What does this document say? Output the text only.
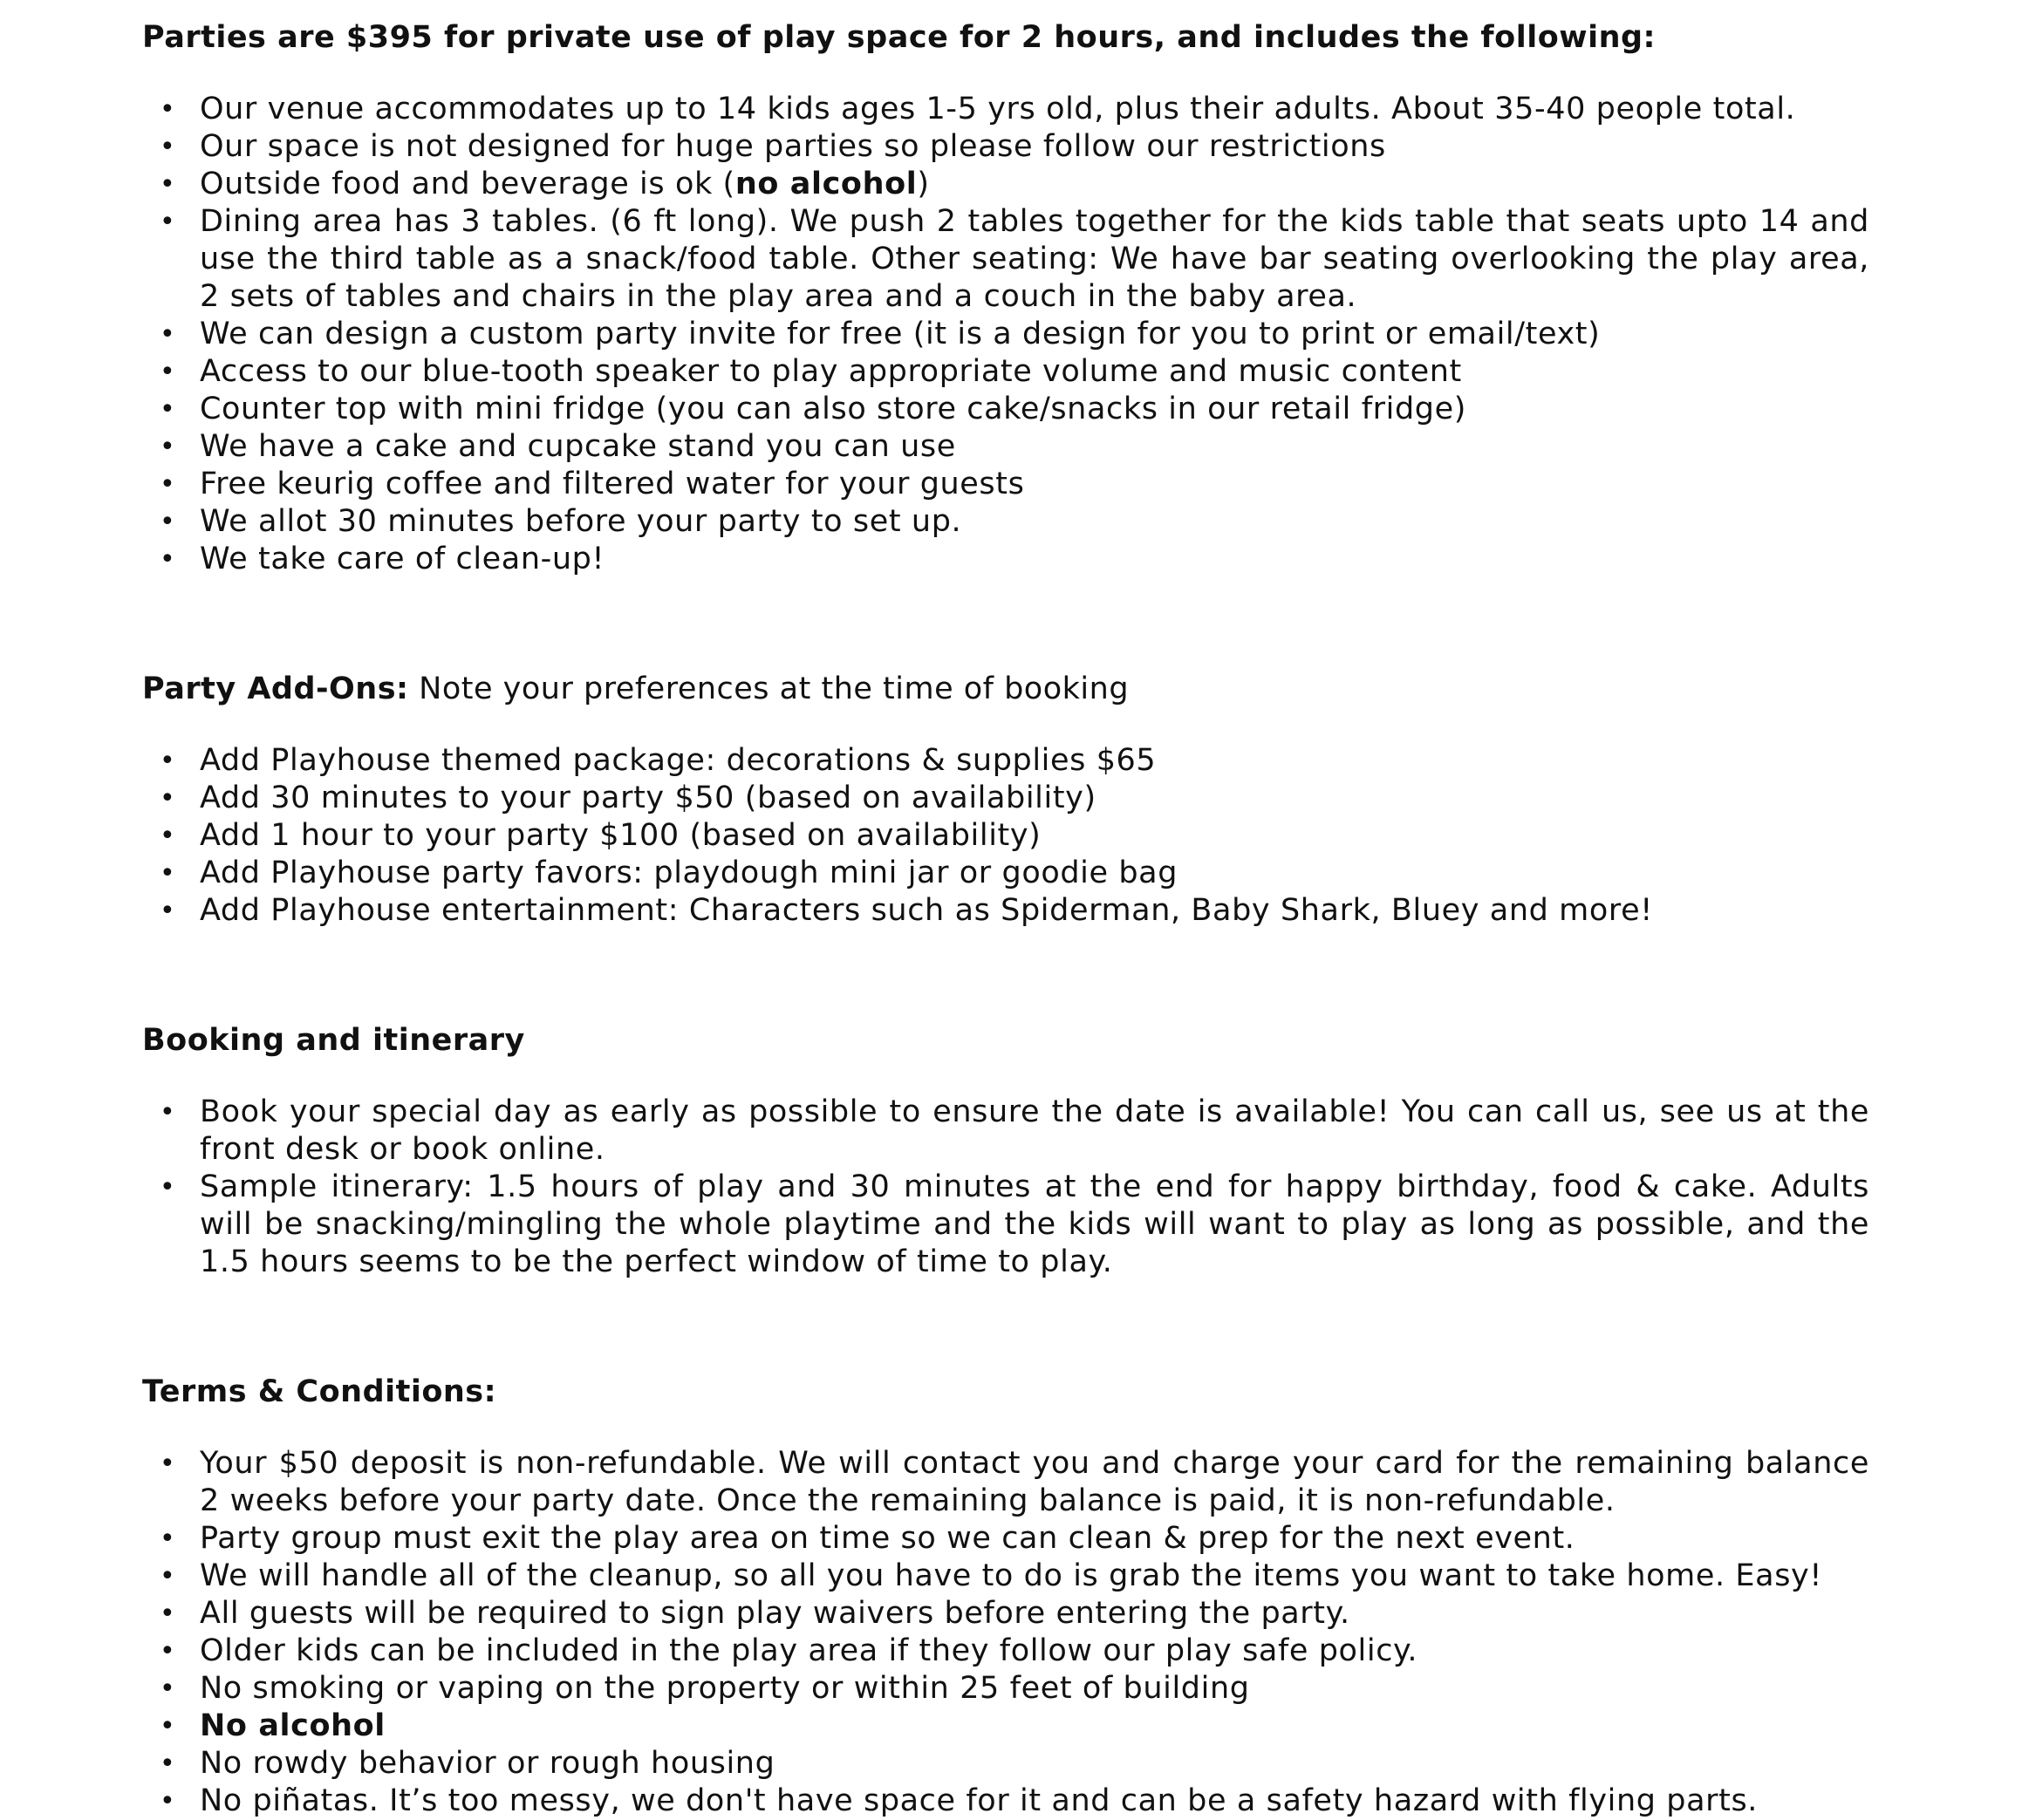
Parties are $395 for private use of play space for 2 hours, and includes the following:

• Our venue accommodates up to 14 kids ages 1-5 yrs old, plus their adults. About 35-40 people total.
• Our space is not designed for huge parties so please follow our restrictions
• Outside food and beverage is ok (no alcohol)
• Dining area has 3 tables. (6 ft long). We push 2 tables together for the kids table that seats upto 14 and use the third table as a snack/food table. Other seating: We have bar seating overlooking the play area, 2 sets of tables and chairs in the play area and a couch in the baby area.
• We can design a custom party invite for free (it is a design for you to print or email/text)
• Access to our blue-tooth speaker to play appropriate volume and music content
• Counter top with mini fridge (you can also store cake/snacks in our retail fridge)
• We have a cake and cupcake stand you can use
• Free keurig coffee and filtered water for your guests
• We allot 30 minutes before your party to set up.
• We take care of clean-up!

Party Add-Ons: Note your preferences at the time of booking

• Add Playhouse themed package: decorations & supplies $65
• Add 30 minutes to your party $50 (based on availability)
• Add 1 hour to your party $100 (based on availability)
• Add Playhouse party favors: playdough mini jar or goodie bag
• Add Playhouse entertainment: Characters such as Spiderman, Baby Shark, Bluey and more!

Booking and itinerary

• Book your special day as early as possible to ensure the date is available! You can call us, see us at the front desk or book online.
• Sample itinerary: 1.5 hours of play and 30 minutes at the end for happy birthday, food & cake. Adults will be snacking/mingling the whole playtime and the kids will want to play as long as possible, and the 1.5 hours seems to be the perfect window of time to play.

Terms & Conditions:

• Your $50 deposit is non-refundable. We will contact you and charge your card for the remaining balance 2 weeks before your party date. Once the remaining balance is paid, it is non-refundable.
• Party group must exit the play area on time so we can clean & prep for the next event.
• We will handle all of the cleanup, so all you have to do is grab the items you want to take home. Easy!
• All guests will be required to sign play waivers before entering the party.
• Older kids can be included in the play area if they follow our play safe policy.
• No smoking or vaping on the property or within 25 feet of building
• No alcohol
• No rowdy behavior or rough housing
• No piñatas. It’s too messy, we don't have space for it and can be a safety hazard with flying parts.
